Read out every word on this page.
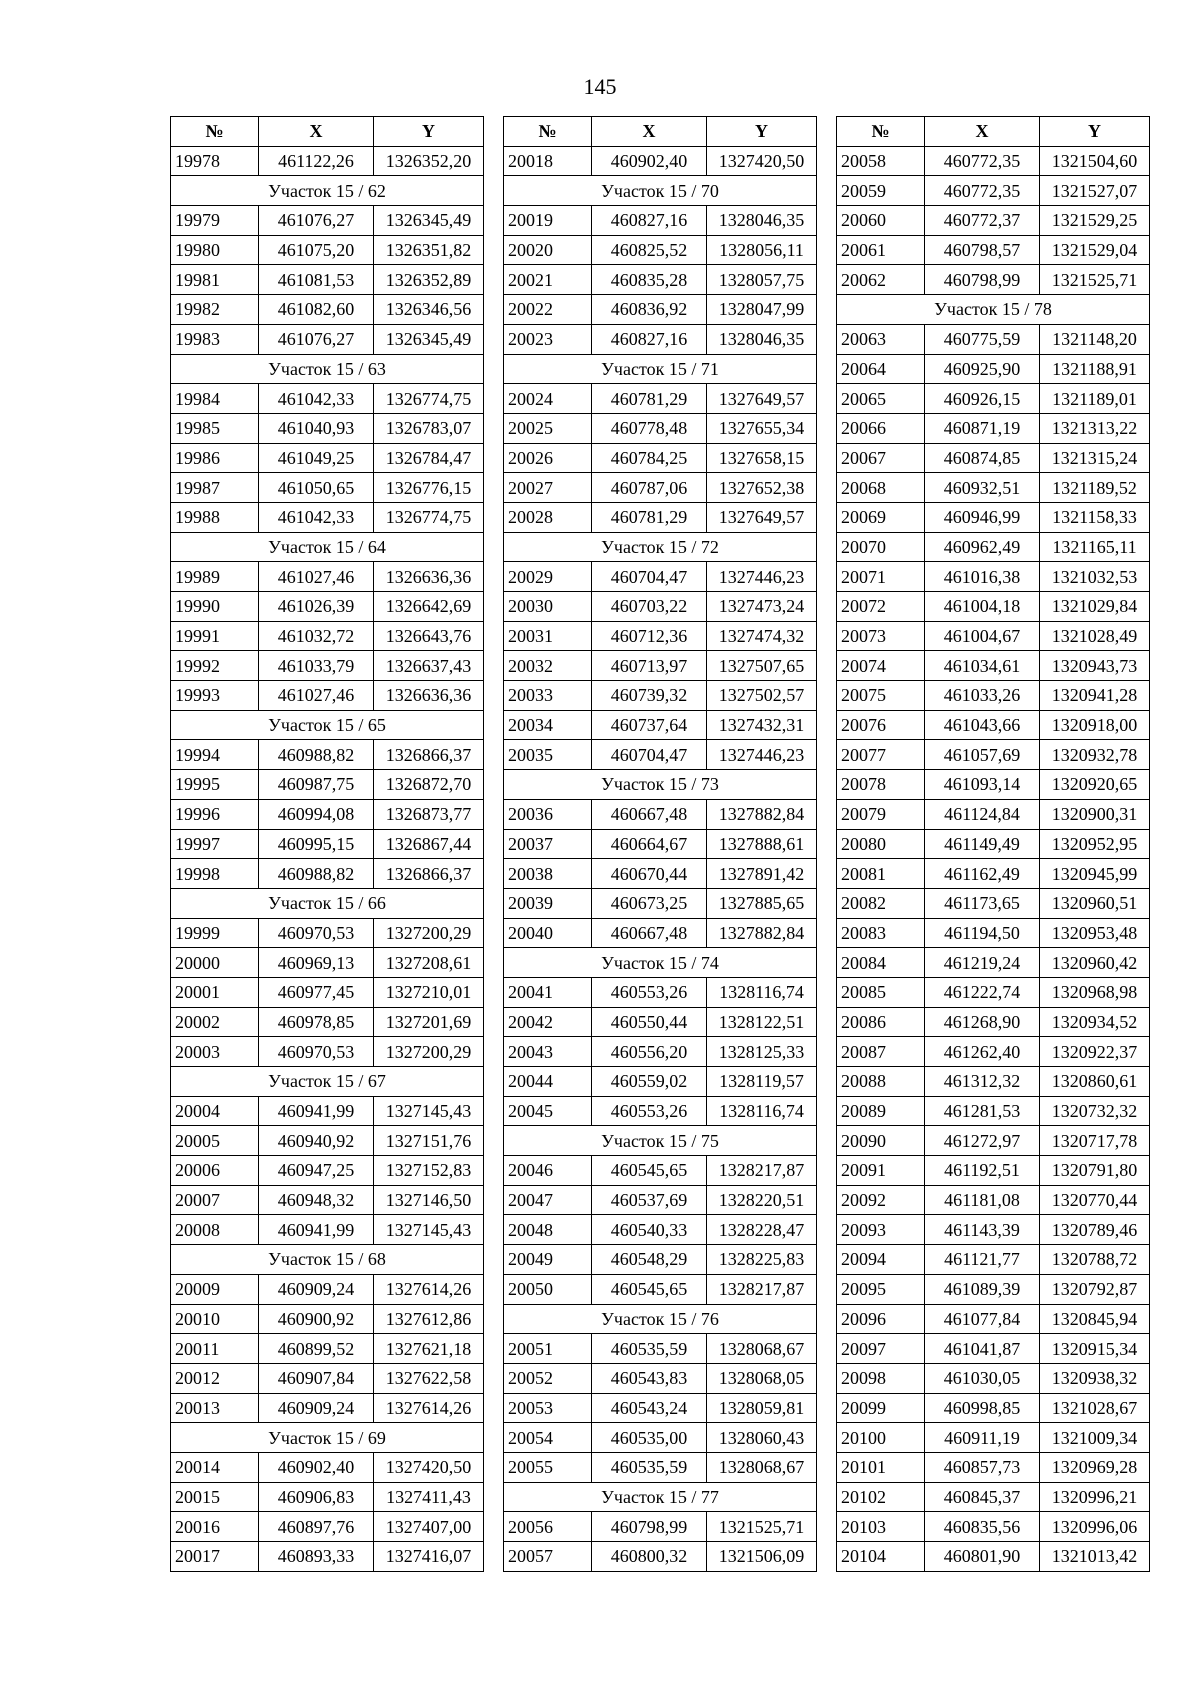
145
№	X	Y
19978	461122,26	1326352,20
Участок 15 / 62		
19979	461076,27	1326345,49
19980	461075,20	1326351,82
19981	461081,53	1326352,89
19982	461082,60	1326346,56
19983	461076,27	1326345,49
Участок 15 / 63		
19984	461042,33	1326774,75
19985	461040,93	1326783,07
19986	461049,25	1326784,47
19987	461050,65	1326776,15
19988	461042,33	1326774,75
Участок 15 / 64		
19989	461027,46	1326636,36
19990	461026,39	1326642,69
19991	461032,72	1326643,76
19992	461033,79	1326637,43
19993	461027,46	1326636,36
Участок 15 / 65		
19994	460988,82	1326866,37
19995	460987,75	1326872,70
19996	460994,08	1326873,77
19997	460995,15	1326867,44
19998	460988,82	1326866,37
Участок 15 / 66		
19999	460970,53	1327200,29
20000	460969,13	1327208,61
20001	460977,45	1327210,01
20002	460978,85	1327201,69
20003	460970,53	1327200,29
Участок 15 / 67		
20004	460941,99	1327145,43
20005	460940,92	1327151,76
20006	460947,25	1327152,83
20007	460948,32	1327146,50
20008	460941,99	1327145,43
Участок 15 / 68		
20009	460909,24	1327614,26
20010	460900,92	1327612,86
20011	460899,52	1327621,18
20012	460907,84	1327622,58
20013	460909,24	1327614,26
Участок 15 / 69		
20014	460902,40	1327420,50
20015	460906,83	1327411,43
20016	460897,76	1327407,00
20017	460893,33	1327416,07
№	X	Y
20018	460902,40	1327420,50
Участок 15 / 70		
20019	460827,16	1328046,35
20020	460825,52	1328056,11
20021	460835,28	1328057,75
20022	460836,92	1328047,99
20023	460827,16	1328046,35
Участок 15 / 71		
20024	460781,29	1327649,57
20025	460778,48	1327655,34
20026	460784,25	1327658,15
20027	460787,06	1327652,38
20028	460781,29	1327649,57
Участок 15 / 72		
20029	460704,47	1327446,23
20030	460703,22	1327473,24
20031	460712,36	1327474,32
20032	460713,97	1327507,65
20033	460739,32	1327502,57
20034	460737,64	1327432,31
20035	460704,47	1327446,23
Участок 15 / 73		
20036	460667,48	1327882,84
20037	460664,67	1327888,61
20038	460670,44	1327891,42
20039	460673,25	1327885,65
20040	460667,48	1327882,84
Участок 15 / 74		
20041	460553,26	1328116,74
20042	460550,44	1328122,51
20043	460556,20	1328125,33
20044	460559,02	1328119,57
20045	460553,26	1328116,74
Участок 15 / 75		
20046	460545,65	1328217,87
20047	460537,69	1328220,51
20048	460540,33	1328228,47
20049	460548,29	1328225,83
20050	460545,65	1328217,87
Участок 15 / 76		
20051	460535,59	1328068,67
20052	460543,83	1328068,05
20053	460543,24	1328059,81
20054	460535,00	1328060,43
20055	460535,59	1328068,67
Участок 15 / 77		
20056	460798,99	1321525,71
20057	460800,32	1321506,09
№	X	Y
20058	460772,35	1321504,60
20059	460772,35	1321527,07
20060	460772,37	1321529,25
20061	460798,57	1321529,04
20062	460798,99	1321525,71
Участок 15 / 78		
20063	460775,59	1321148,20
20064	460925,90	1321188,91
20065	460926,15	1321189,01
20066	460871,19	1321313,22
20067	460874,85	1321315,24
20068	460932,51	1321189,52
20069	460946,99	1321158,33
20070	460962,49	1321165,11
20071	461016,38	1321032,53
20072	461004,18	1321029,84
20073	461004,67	1321028,49
20074	461034,61	1320943,73
20075	461033,26	1320941,28
20076	461043,66	1320918,00
20077	461057,69	1320932,78
20078	461093,14	1320920,65
20079	461124,84	1320900,31
20080	461149,49	1320952,95
20081	461162,49	1320945,99
20082	461173,65	1320960,51
20083	461194,50	1320953,48
20084	461219,24	1320960,42
20085	461222,74	1320968,98
20086	461268,90	1320934,52
20087	461262,40	1320922,37
20088	461312,32	1320860,61
20089	461281,53	1320732,32
20090	461272,97	1320717,78
20091	461192,51	1320791,80
20092	461181,08	1320770,44
20093	461143,39	1320789,46
20094	461121,77	1320788,72
20095	461089,39	1320792,87
20096	461077,84	1320845,94
20097	461041,87	1320915,34
20098	461030,05	1320938,32
20099	460998,85	1321028,67
20100	460911,19	1321009,34
20101	460857,73	1320969,28
20102	460845,37	1320996,21
20103	460835,56	1320996,06
20104	460801,90	1321013,42
